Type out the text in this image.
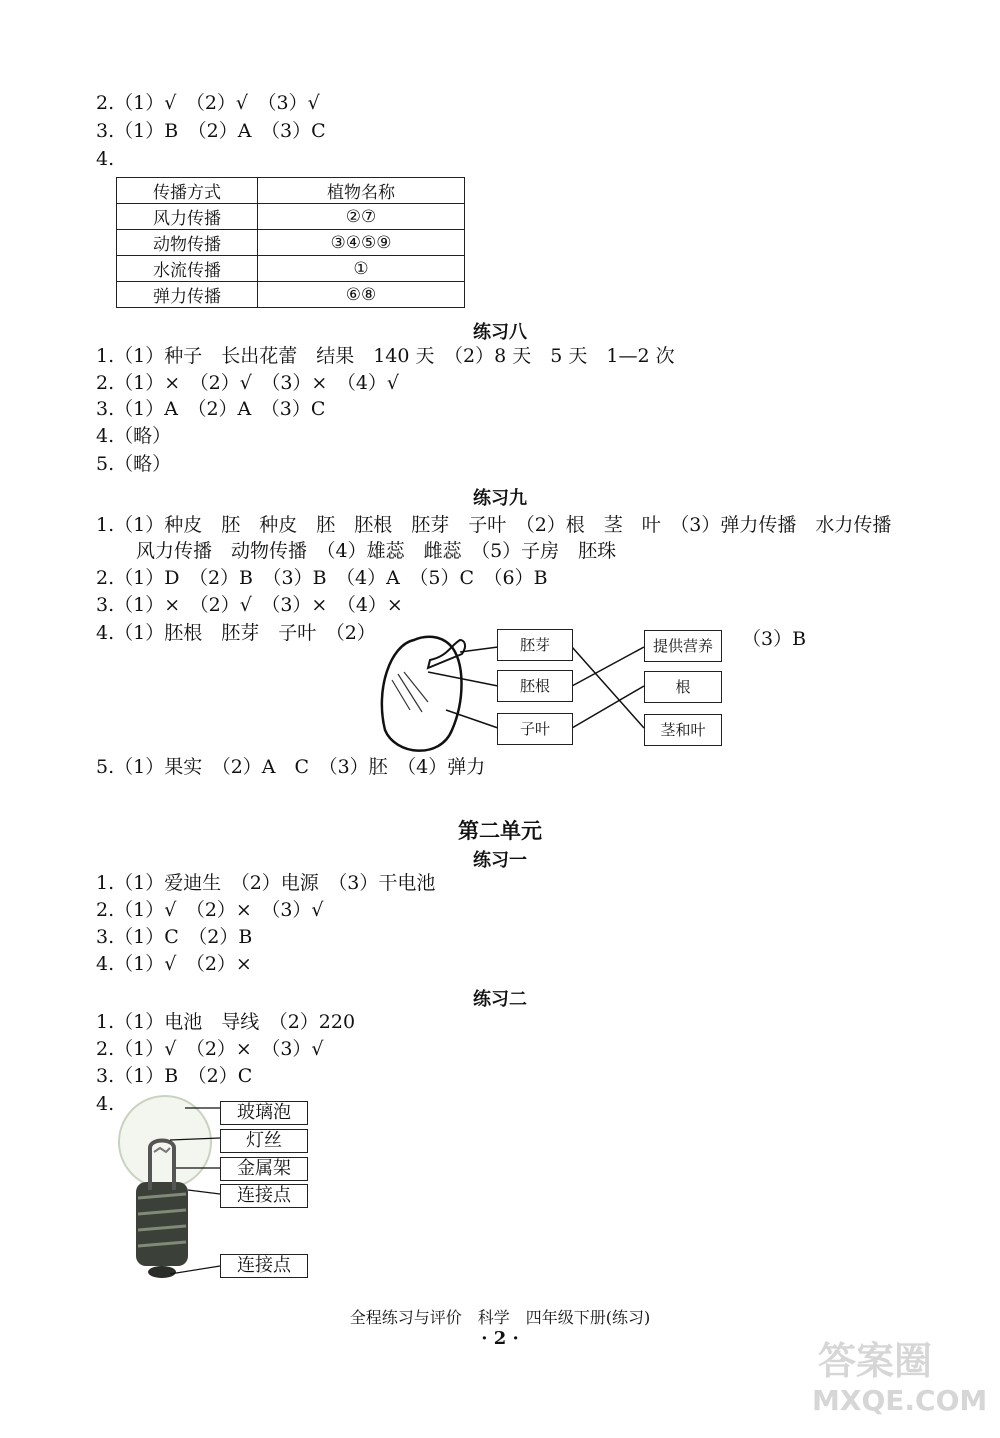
2.（1）√　（2）√　（3）√
3.（1）B　（2）A　（3）C
4.
传播方式	植物名称
风力传播	②⑦
动物传播	③④⑤⑨
水流传播	①
弹力传播	⑥⑧
练习八
1.（1）种子　长出花蕾　结果　140 天　（2）8 天　5 天　1—2 次
2.（1）×　（2）√　（3）×　（4）√
3.（1）A　（2）A　（3）C
4.（略）
5.（略）
练习九
1.（1）种皮　胚　种皮　胚　胚根　胚芽　子叶　（2）根　茎　叶　（3）弹力传播　水力传播
风力传播　动物传播　（4）雄蕊　雌蕊　（5）子房　胚珠
2.（1）D　（2）B　（3）B　（4）A　（5）C　（6）B
3.（1）×　（2）√　（3）×　（4）×
4.（1）胚根　胚芽　子叶　（2）	（3）B
胚芽
胚根
子叶
提供营养
根
茎和叶
5.（1）果实　（2）A　C　（3）胚　（4）弹力
第二单元
练习一
1.（1）爱迪生　（2）电源　（3）干电池
2.（1）√　（2）×　（3）√
3.（1）C　（2）B
4.（1）√　（2）×
练习二
1.（1）电池　导线　（2）220
2.（1）√　（2）×　（3）√
3.（1）B　（2）C
4.	玻璃泡
灯丝
金属架
连接点
连接点
全程练习与评价　科学　四年级下册(练习)
· 2 ·
答案圈
MXQE.COM
